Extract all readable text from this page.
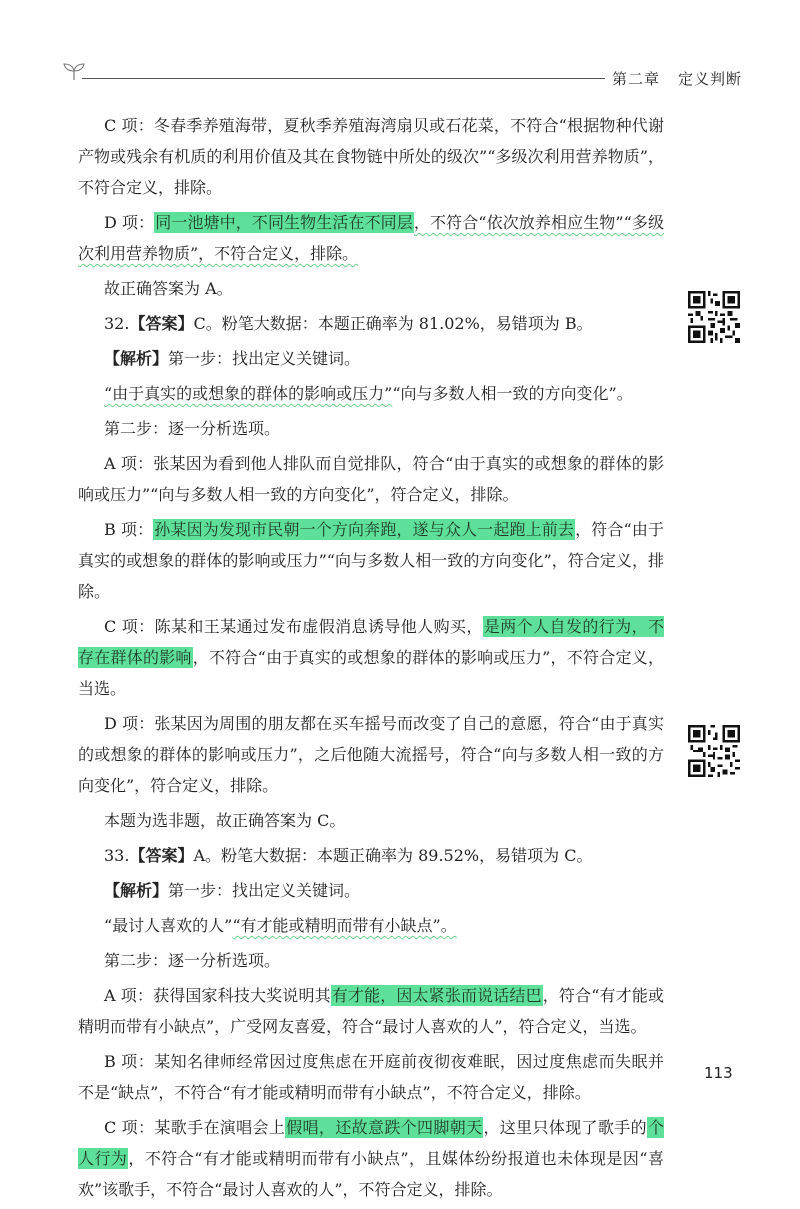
第二章 定义判断

C 项：冬春季养殖海带，夏秋季养殖海湾扇贝或石花菜，不符合“根据物种代谢产物或残余有机质的利用价值及其在食物链中所处的级次”“多级次利用营养物质”，不符合定义，排除。

D 项：同一池塘中，不同生物生活在不同层，不符合“依次放养相应生物”“多级次利用营养物质”，不符合定义，排除。

故正确答案为 A。

32.【答案】C。粉笔大数据：本题正确率为 81.02%，易错项为 B。

【解析】第一步：找出定义关键词。

“由于真实的或想象的群体的影响或压力”“向与多数人相一致的方向变化”。

第二步：逐一分析选项。

A 项：张某因为看到他人排队而自觉排队，符合“由于真实的或想象的群体的影响或压力”“向与多数人相一致的方向变化”，符合定义，排除。

B 项：孙某因为发现市民朝一个方向奔跑，遂与众人一起跑上前去，符合“由于真实的或想象的群体的影响或压力”“向与多数人相一致的方向变化”，符合定义，排除。

C 项：陈某和王某通过发布虚假消息诱导他人购买，是两个人自发的行为，不存在群体的影响，不符合“由于真实的或想象的群体的影响或压力”，不符合定义，当选。

D 项：张某因为周围的朋友都在买车摇号而改变了自己的意愿，符合“由于真实的或想象的群体的影响或压力”，之后他随大流摇号，符合“向与多数人相一致的方向变化”，符合定义，排除。

本题为选非题，故正确答案为 C。

33.【答案】A。粉笔大数据：本题正确率为 89.52%，易错项为 C。

【解析】第一步：找出定义关键词。

“最讨人喜欢的人”“有才能或精明而带有小缺点”。

第二步：逐一分析选项。

A 项：获得国家科技大奖说明其有才能，因太紧张而说话结巴，符合“有才能或精明而带有小缺点”，广受网友喜爱，符合“最讨人喜欢的人”，符合定义，当选。

B 项：某知名律师经常因过度焦虑在开庭前夜彻夜难眠，因过度焦虑而失眠并不是“缺点”，不符合“有才能或精明而带有小缺点”，不符合定义，排除。

C 项：某歌手在演唱会上假唱，还故意跌个四脚朝天，这里只体现了歌手的个人行为，不符合“有才能或精明而带有小缺点”，且媒体纷纷报道也未体现是因“喜欢”该歌手，不符合“最讨人喜欢的人”，不符合定义，排除。

113
